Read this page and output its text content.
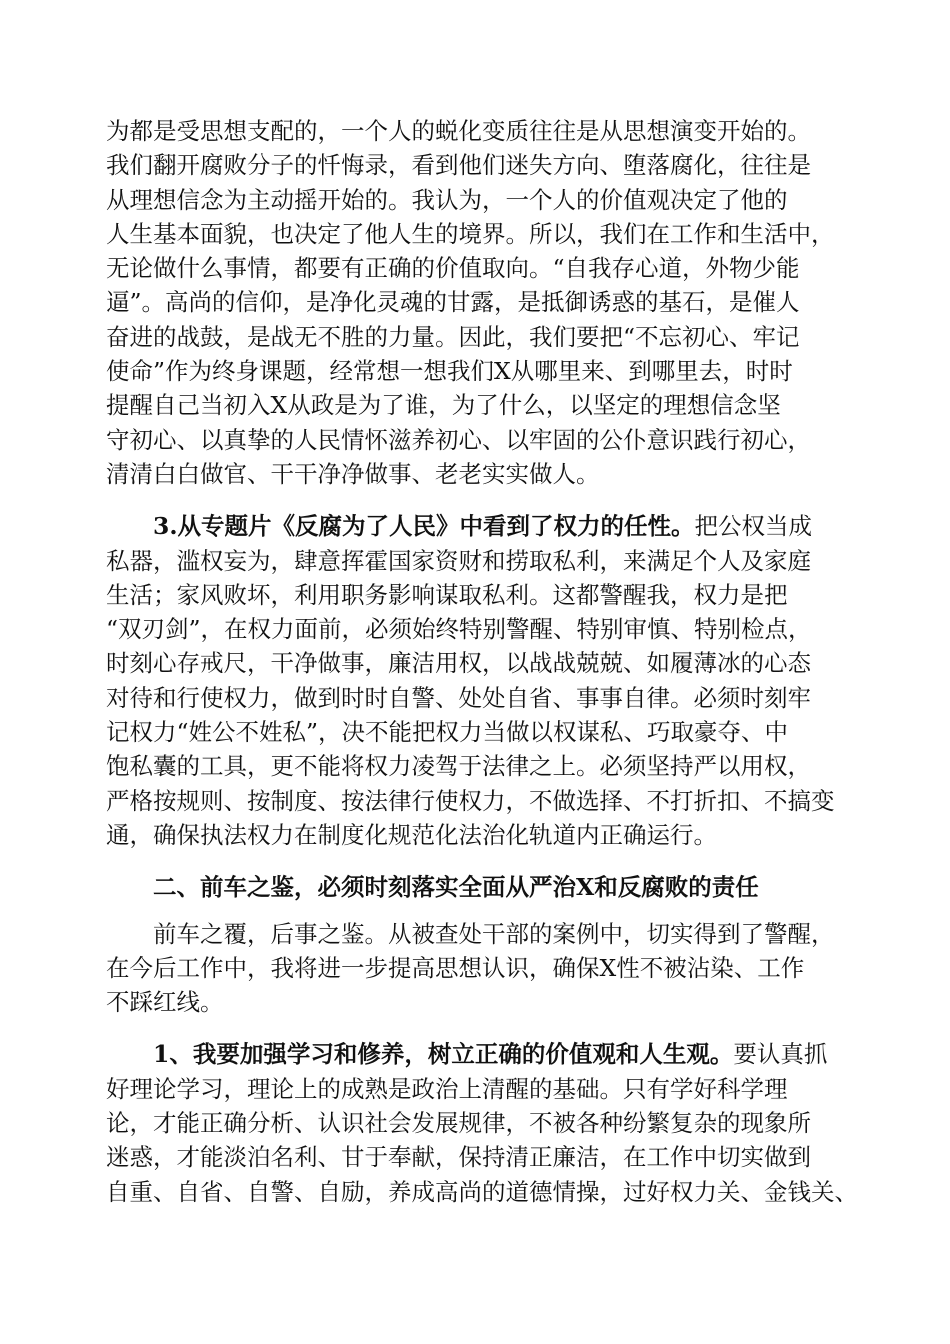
为都是受思想支配的，一个人的蜕化变质往往是从思想演变开始的。
我们翻开腐败分子的忏悔录，看到他们迷失方向、堕落腐化，往往是
从理想信念为主动摇开始的。我认为，一个人的价值观决定了他的
人生基本面貌，也决定了他人生的境界。所以，我们在工作和生活中，
无论做什么事情，都要有正确的价值取向。“自我存心道，外物少能
逼”。高尚的信仰，是净化灵魂的甘露，是抵御诱惑的基石，是催人
奋进的战鼓，是战无不胜的力量。因此，我们要把“不忘初心、牢记
使命”作为终身课题，经常想一想我们X从哪里来、到哪里去，时时
提醒自己当初入X从政是为了谁，为了什么，以坚定的理想信念坚
守初心、以真挚的人民情怀滋养初心、以牢固的公仆意识践行初心，
清清白白做官、干干净净做事、老老实实做人。
3.从专题片《反腐为了人民》中看到了权力的任性。把公权当成
私器，滥权妄为，肆意挥霍国家资财和捞取私利，来满足个人及家庭
生活；家风败坏，利用职务影响谋取私利。这都警醒我，权力是把
“双刃剑”，在权力面前，必须始终特别警醒、特别审慎、特别检点，
时刻心存戒尺，干净做事，廉洁用权，以战战兢兢、如履薄冰的心态
对待和行使权力，做到时时自警、处处自省、事事自律。必须时刻牢
记权力“姓公不姓私”，决不能把权力当做以权谋私、巧取豪夺、中
饱私囊的工具，更不能将权力凌驾于法律之上。必须坚持严以用权，
严格按规则、按制度、按法律行使权力，不做选择、不打折扣、不搞变
通，确保执法权力在制度化规范化法治化轨道内正确运行。
二、前车之鉴，必须时刻落实全面从严治X和反腐败的责任
前车之覆，后事之鉴。从被查处干部的案例中，切实得到了警醒，
在今后工作中，我将进一步提高思想认识，确保X性不被沾染、工作
不踩红线。
1、我要加强学习和修养，树立正确的价值观和人生观。要认真抓
好理论学习，理论上的成熟是政治上清醒的基础。只有学好科学理
论，才能正确分析、认识社会发展规律，不被各种纷繁复杂的现象所
迷惑，才能淡泊名利、甘于奉献，保持清正廉洁，在工作中切实做到
自重、自省、自警、自励，养成高尚的道德情操，过好权力关、金钱关、
